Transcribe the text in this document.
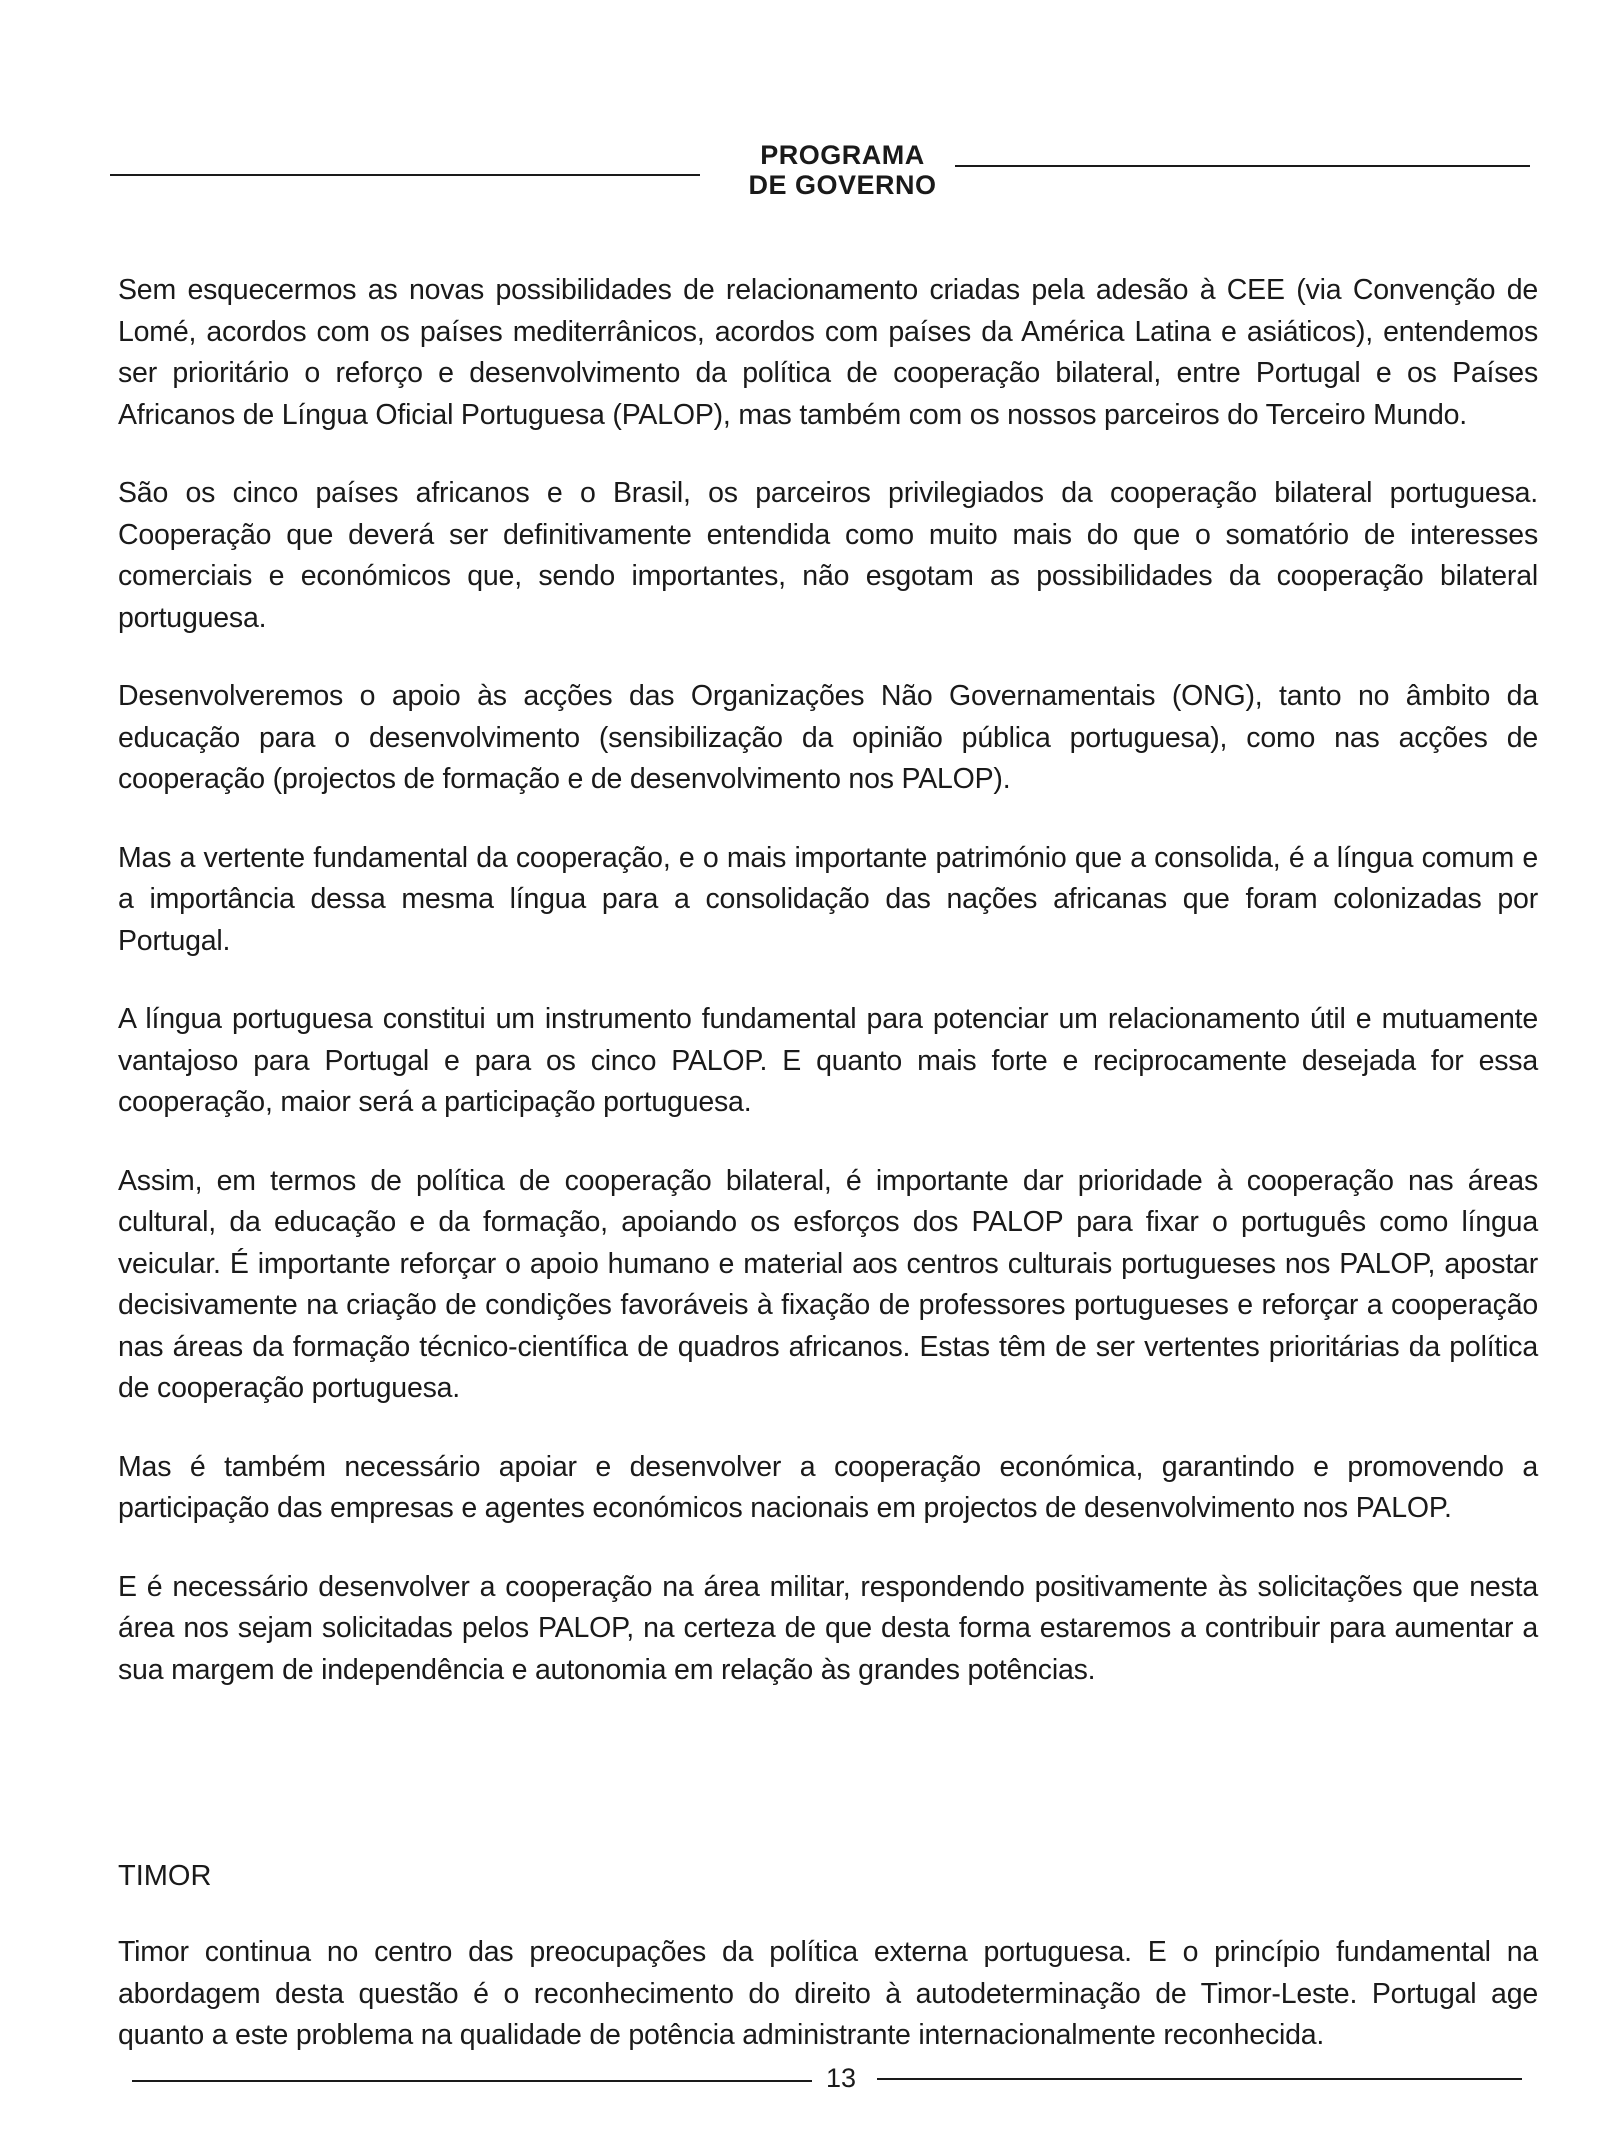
PROGRAMA
DE GOVERNO

Sem esquecermos as novas possibilidades de relacionamento criadas pela adesão à CEE (via Convenção de Lomé, acordos com os países mediterrânicos, acordos com países da América Latina e asiáticos), entendemos ser prioritário o reforço e desenvolvimento da política de cooperação bilateral, entre Portugal e os Países Africanos de Língua Oficial Portuguesa (PALOP), mas também com os nossos parceiros do Terceiro Mundo.

São os cinco países africanos e o Brasil, os parceiros privilegiados da cooperação bilateral portuguesa. Cooperação que deverá ser definitivamente entendida como muito mais do que o somatório de interesses comerciais e económicos que, sendo importantes, não esgotam as possibilidades da cooperação bilateral portuguesa.

Desenvolveremos o apoio às acções das Organizações Não Governamentais (ONG), tanto no âmbito da educação para o desenvolvimento (sensibilização da opinião pública portuguesa), como nas acções de cooperação (projectos de formação e de desenvolvimento nos PALOP).

Mas a vertente fundamental da cooperação, e o mais importante património que a consolida, é a língua comum e a importância dessa mesma língua para a consolidação das nações africanas que foram colonizadas por Portugal.

A língua portuguesa constitui um instrumento fundamental para potenciar um relacionamento útil e mutuamente vantajoso para Portugal e para os cinco PALOP. E quanto mais forte e reciprocamente desejada for essa cooperação, maior será a participação portuguesa.

Assim, em termos de política de cooperação bilateral, é importante dar prioridade à cooperação nas áreas cultural, da educação e da formação, apoiando os esforços dos PALOP para fixar o português como língua veicular. É importante reforçar o apoio humano e material aos centros culturais portugueses nos PALOP, apostar decisivamente na criação de condições favoráveis à fixação de professores portugueses e reforçar a cooperação nas áreas da formação técnico-científica de quadros africanos. Estas têm de ser vertentes prioritárias da política de cooperação portuguesa.

Mas é também necessário apoiar e desenvolver a cooperação económica, garantindo e promovendo a participação das empresas e agentes económicos nacionais em projectos de desenvolvimento nos PALOP.

E é necessário desenvolver a cooperação na área militar, respondendo positivamente às solicitações que nesta área nos sejam solicitadas pelos PALOP, na certeza de que desta forma estaremos a contribuir para aumentar a sua margem de independência e autonomia em relação às grandes potências.

TIMOR

Timor continua no centro das preocupações da política externa portuguesa. E o princípio fundamental na abordagem desta questão é o reconhecimento do direito à autodeterminação de Timor-Leste. Portugal age quanto a este problema na qualidade de potência administrante internacionalmente reconhecida.

13
